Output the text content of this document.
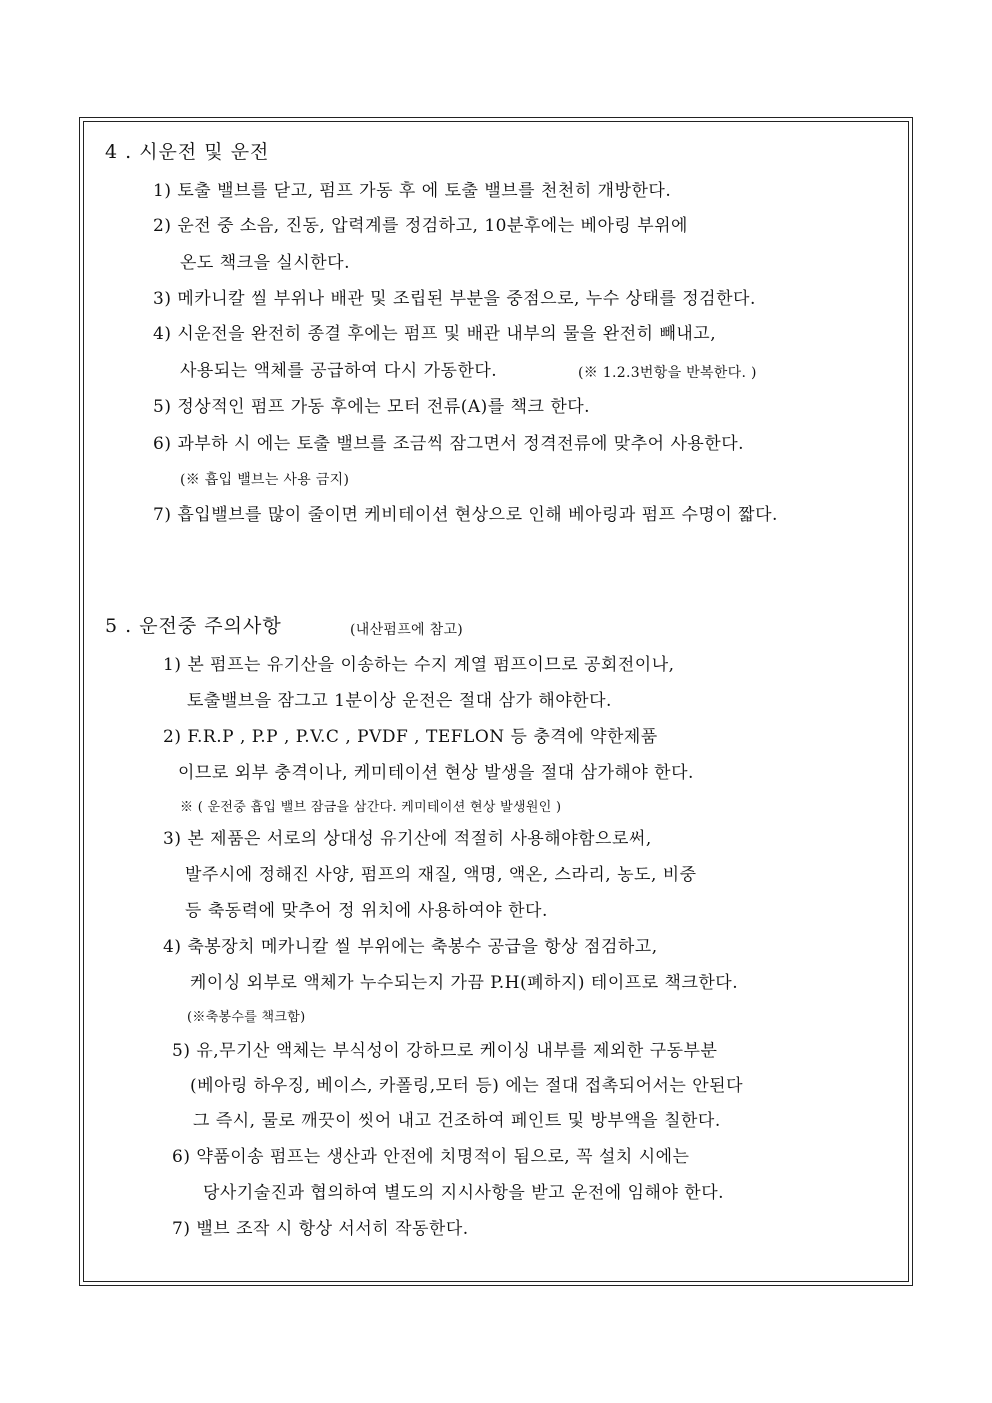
4 . 시운전 및 운전
1) 토출 밸브를 닫고, 펌프 가동 후 에 토출 밸브를 천천히 개방한다.
2) 운전 중 소음, 진동, 압력계를 정검하고, 10분후에는 베아링 부위에
온도 책크을 실시한다.
3) 메카니칼 씰 부위나 배관 및 조립된 부분을 중점으로, 누수 상태를 정검한다.
4) 시운전을 완전히 종결 후에는 펌프 및 배관 내부의 물을 완전히 빼내고,
사용되는 액체를 공급하여 다시 가동한다.	(※ 1.2.3번항을 반복한다. )
5) 정상적인 펌프 가동 후에는 모터 전류(A)를 책크 한다.
6) 과부하 시 에는 토출 밸브를 조금씩 잠그면서 정격전류에 맞추어 사용한다.
(※ 흡입 밸브는 사용 금지)
7) 흡입밸브를 많이 줄이면 케비테이션 현상으로 인해 베아링과 펌프 수명이 짧다.
5 . 운전중 주의사항	(내산펌프에 참고)
1) 본 펌프는 유기산을 이송하는 수지 계열 펌프이므로 공회전이나,
토출밸브을 잠그고 1분이상 운전은 절대 삼가 해야한다.
2) F.R.P , P.P , P.V.C , PVDF , TEFLON 등 충격에 약한제품
이므로 외부 충격이나, 케미테이션 현상 발생을 절대 삼가해야 한다.
※ ( 운전중 흡입 밸브 잠금을 삼간다. 케미테이션 현상 발생원인 )
3) 본 제품은 서로의 상대성 유기산에 적절히 사용해야함으로써,
발주시에 정해진 사양, 펌프의 재질, 액명, 액온, 스라리, 농도, 비중
등 축동력에 맞추어 정 위치에 사용하여야 한다.
4) 축봉장치 메카니칼 씰 부위에는 축봉수 공급을 항상 점검하고,
케이싱 외부로 액체가 누수되는지 가끔 P.H(폐하지) 테이프로 책크한다.
(※축봉수를 책크함)
5) 유,무기산 액체는 부식성이 강하므로 케이싱 내부를 제외한 구동부분
(베아링 하우징, 베이스, 카폴링,모터 등) 에는 절대 접촉되어서는 안된다
그 즉시, 물로 깨끗이 씻어 내고 건조하여 페인트 및 방부액을 칠한다.
6) 약품이송 펌프는 생산과 안전에 치명적이 됨으로, 꼭 설치 시에는
당사기술진과 협의하여 별도의 지시사항을 받고 운전에 임해야 한다.
7) 밸브 조작 시 항상 서서히 작동한다.
